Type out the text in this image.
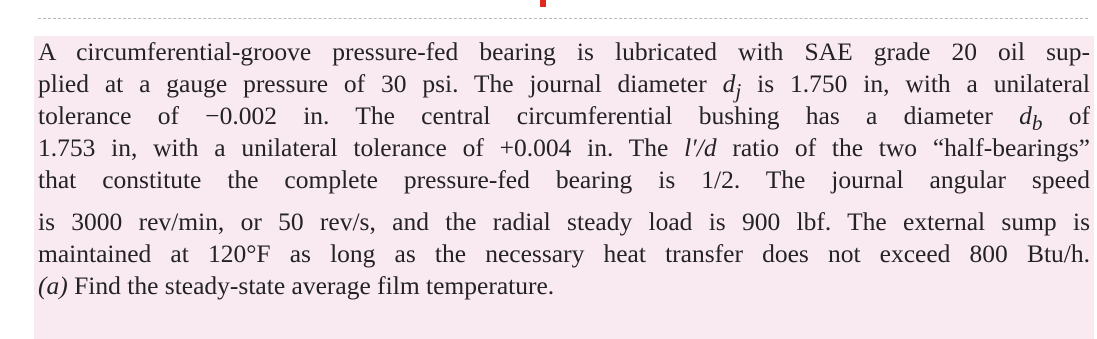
A circumferential-groove pressure-fed bearing is lubricated with SAE grade 20 oil sup-
plied at a gauge pressure of 30 psi. The journal diameter $d_j$ is 1.750 in, with a unilateral
tolerance of −0.002 in. The central circumferential bushing has a diameter $d_b$ of
1.753 in, with a unilateral tolerance of +0.004 in. The l′/d ratio of the two “half-bearings”
that constitute the complete pressure-fed bearing is 1/2. The journal angular speed
is 3000 rev/min, or 50 rev/s, and the radial steady load is 900 lbf. The external sump is
maintained at 120°F as long as the necessary heat transfer does not exceed 800 Btu/h.
(a) Find the steady-state average film temperature.
